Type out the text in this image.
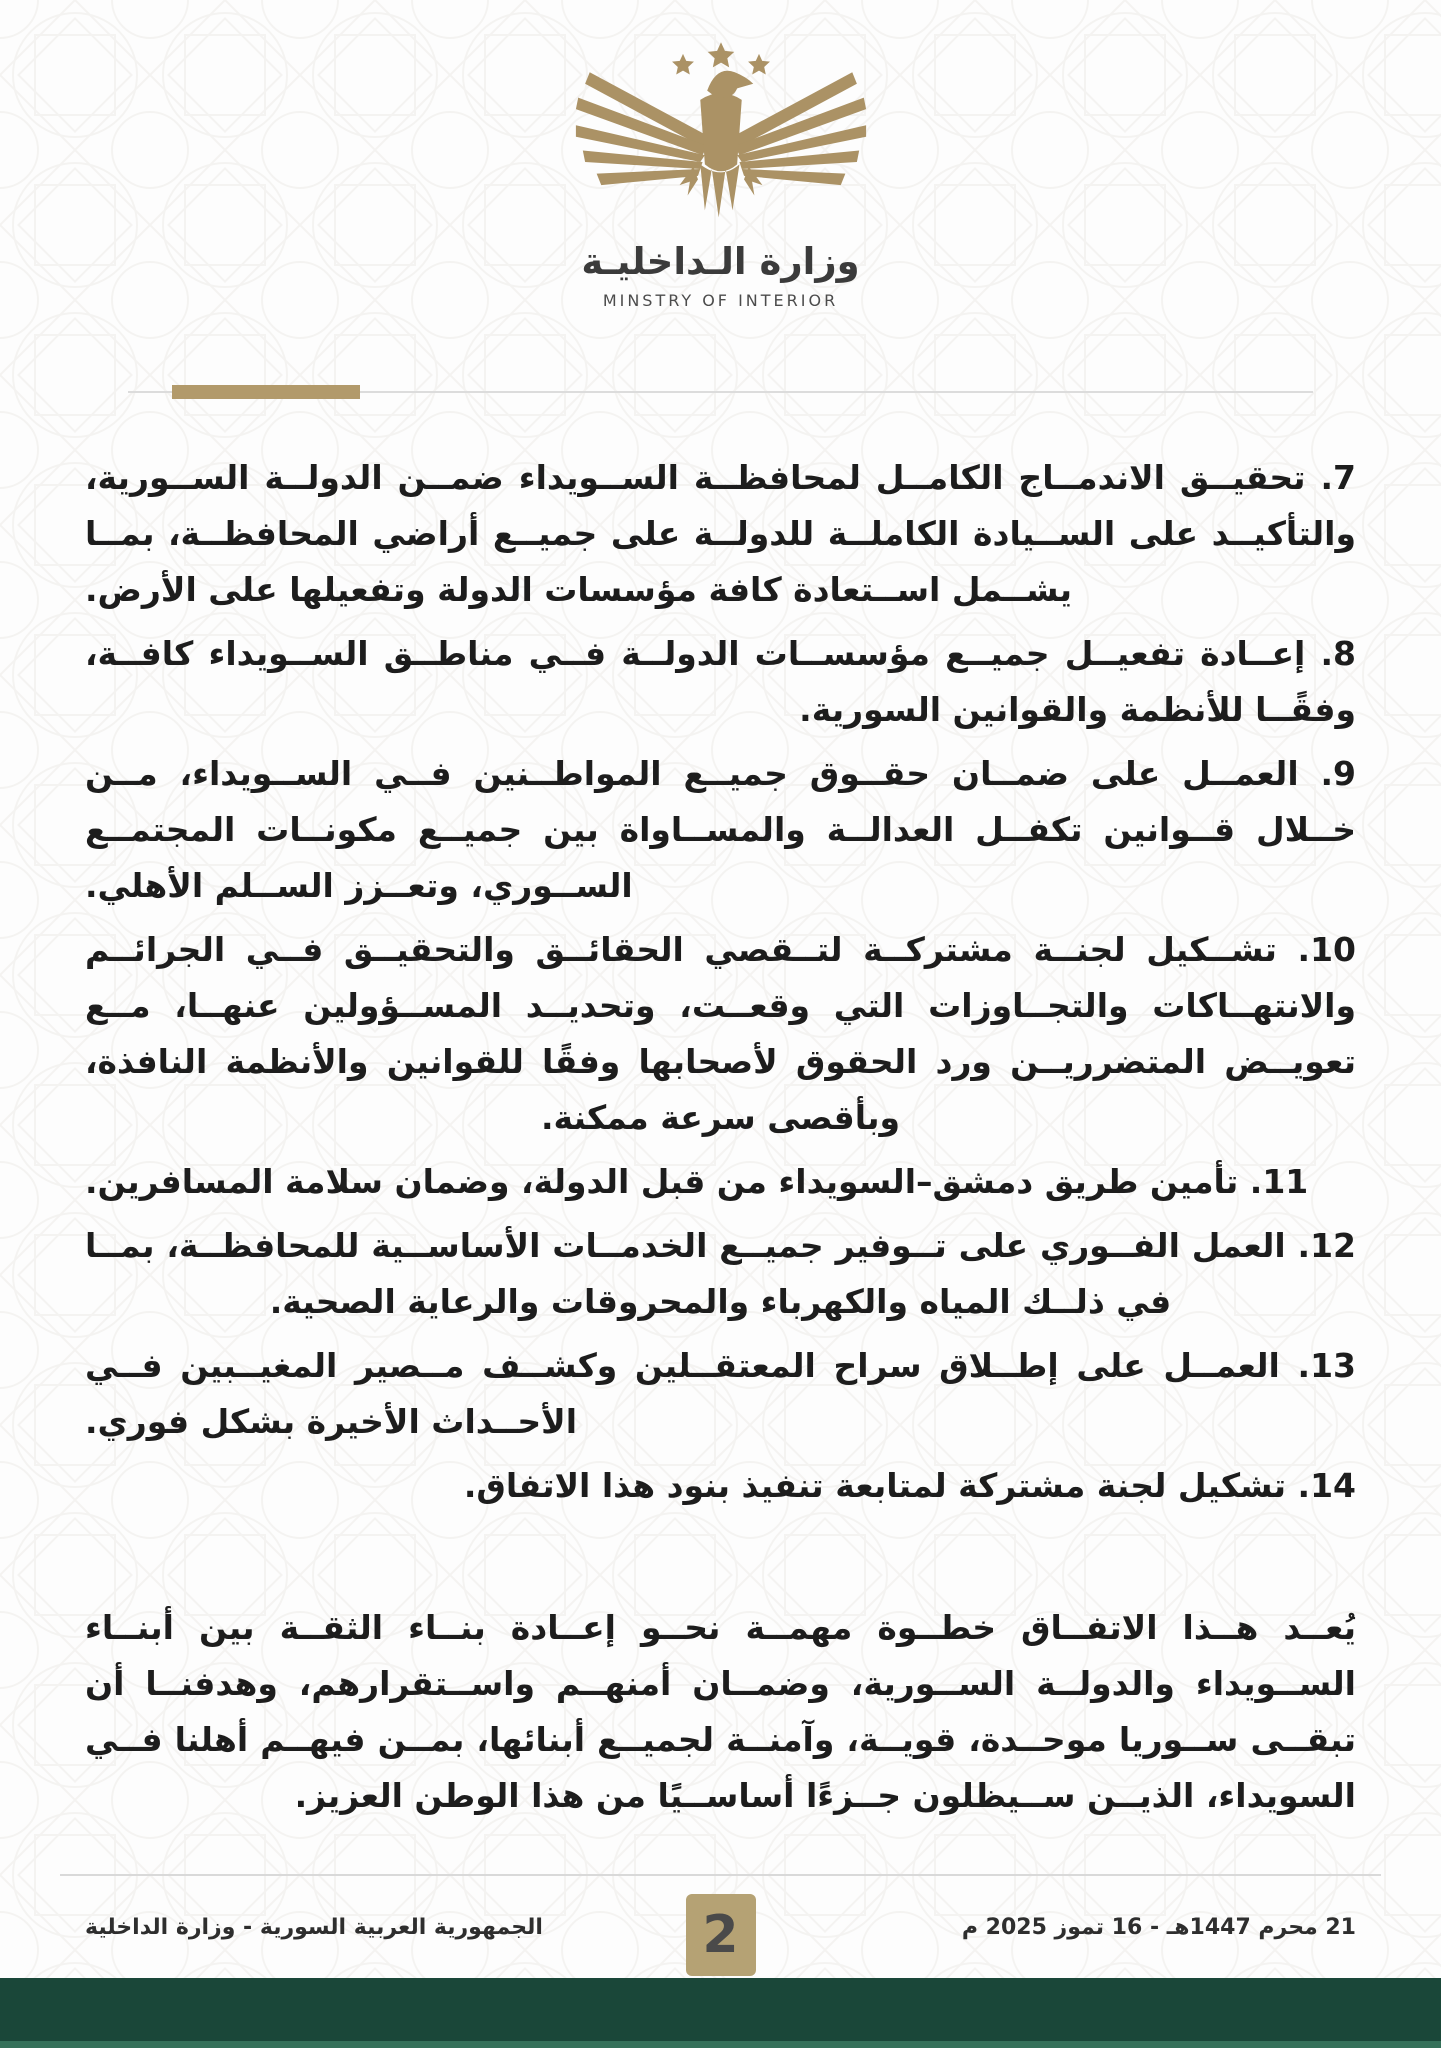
وزارة الـداخليـة
MINSTRY OF INTERIOR

7. تحقيــق الاندمــاج الكامــل لمحافظــة الســويداء ضمــن الدولــة الســورية، والتأكيــد على الســيادة الكاملــة للدولــة على جميــع أراضي المحافظــة، بمــا يشــمل اســتعادة كافة مؤسسات الدولة وتفعيلها على الأرض.

8. إعــادة تفعيــل جميــع مؤسســات الدولــة فــي مناطــق الســويداء كافــة، وفقًــا للأنظمة والقوانين السورية.

9. العمــل على ضمــان حقــوق جميــع المواطــنين فــي الســويداء، مــن خــلال قــوانين تكفــل العدالــة والمســاواة بين جميــع مكونــات المجتمــع الســوري، وتعــزز الســلم الأهلي.

10. تشــكيل لجنــة مشتركــة لتــقصي الحقائــق والتحقيــق فــي الجرائــم والانتهــاكات والتجــاوزات التي وقعــت، وتحديــد المســؤولين عنهــا، مــع تعويــض المتضرريــن ورد الحقوق لأصحابها وفقًا للقوانين والأنظمة النافذة، وبأقصى سرعة ممكنة.

11. تأمين طريق دمشق–السويداء من قبل الدولة، وضمان سلامة المسافرين.

12. العمل الفــوري على تــوفير جميــع الخدمــات الأساســية للمحافظــة، بمــا في ذلــك المياه والكهرباء والمحروقات والرعاية الصحية.

13. العمــل على إطــلاق سراح المعتقــلين وكشــف مــصير المغيــبين فــي الأحــداث الأخيرة بشكل فوري.

14. تشكيل لجنة مشتركة لمتابعة تنفيذ بنود هذا الاتفاق.

يُعــد هــذا الاتفــاق خطــوة مهمــة نحــو إعــادة بنــاء الثقــة بين أبنــاء الســويداء والدولــة الســورية، وضمــان أمنهــم واســتقرارهم، وهدفنــا أن تبقــى ســوريا موحــدة، قويــة، وآمنــة لجميــع أبنائها، بمــن فيهــم أهلنا فــي السويداء، الذيــن ســيظلون جــزءًا أساســيًا من هذا الوطن العزيز.

الجمهورية العربية السورية - وزارة الداخلية	21 محرم 1447هـ - 16 تموز 2025 م
2
